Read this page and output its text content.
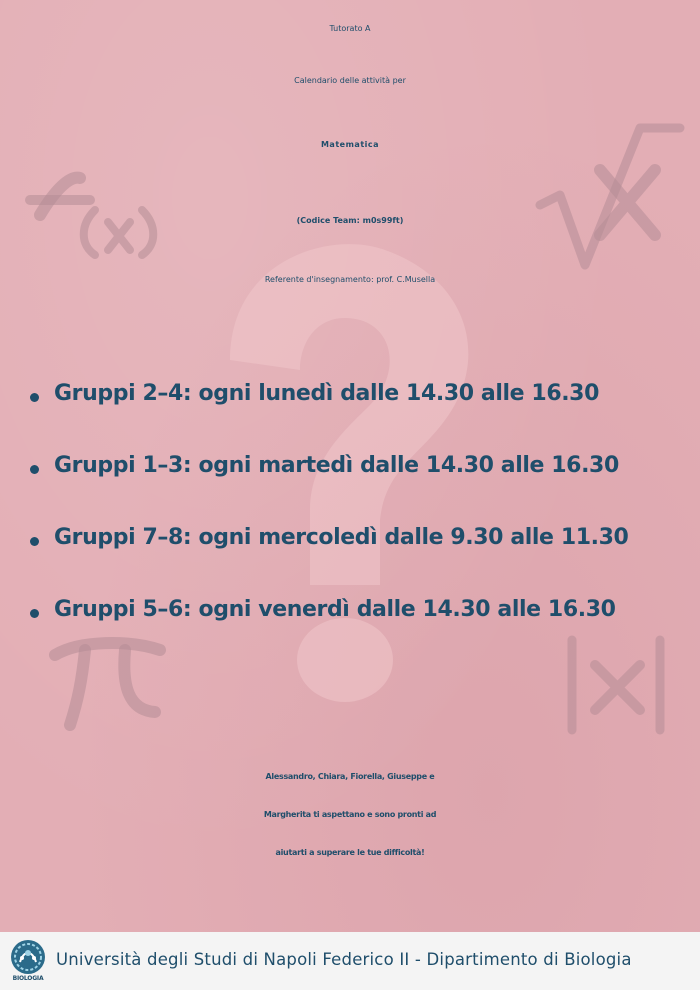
Tutorato A
Calendario delle attività per
Matematica
(Codice Team: m0s99ft)
Referente d'insegnamento: prof. C.Musella
Gruppi 2–4: ogni lunedì dalle 14.30 alle 16.30
Gruppi 1–3: ogni martedì dalle 14.30 alle 16.30
Gruppi 7–8: ogni mercoledì dalle 9.30 alle 11.30
Gruppi 5–6: ogni venerdì dalle 14.30 alle 16.30
Alessandro, Chiara, Fiorella, Giuseppe e
Margherita ti aspettano e sono pronti ad
aiutarti a superare le tue difficoltà!
BIOLOGIA
Università degli Studi di Napoli Federico II - Dipartimento di Biologia
